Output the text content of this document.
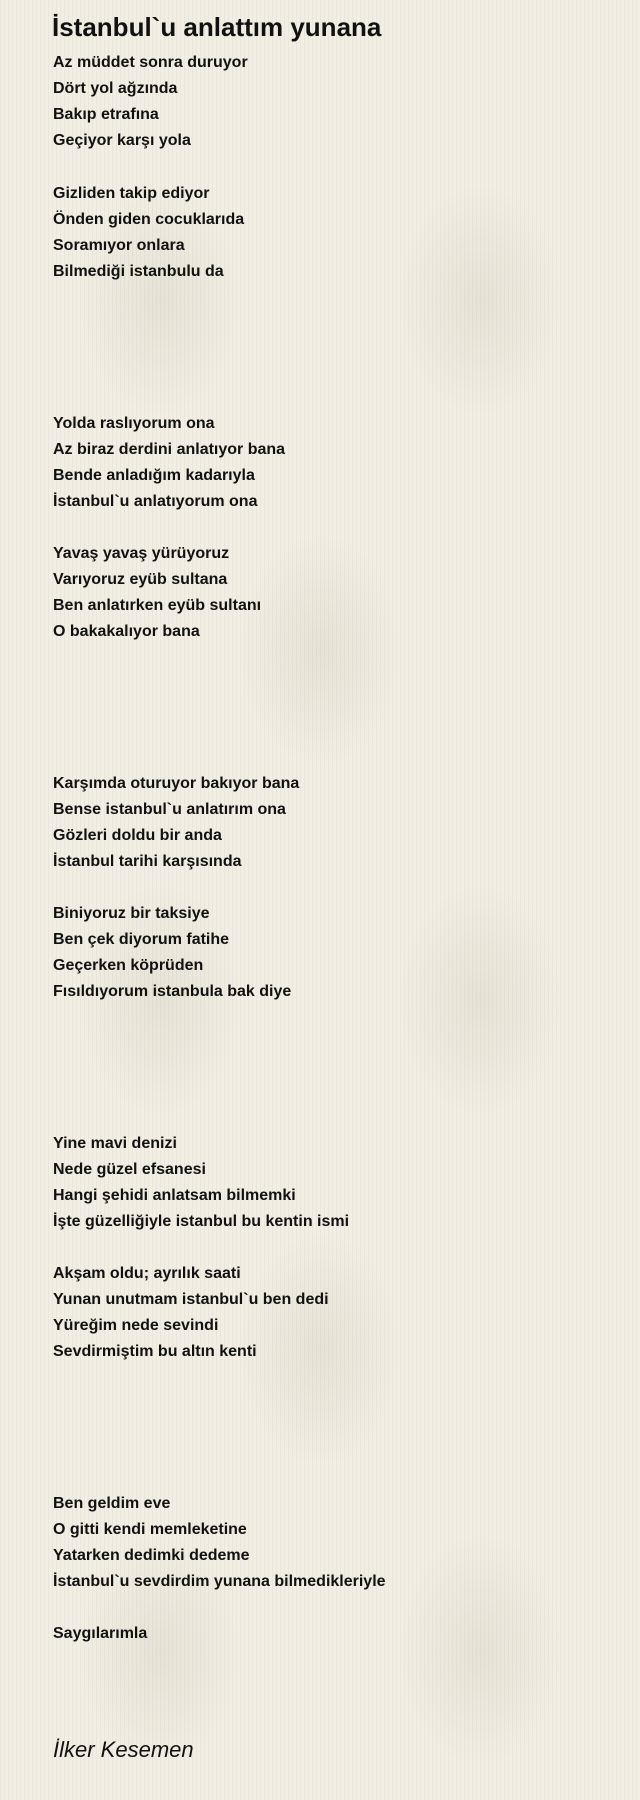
İstanbul`u anlattım yunana
Az müddet sonra duruyor
Dört yol ağzında
Bakıp etrafına
Geçiyor karşı yola
Gizliden takip ediyor
Önden giden cocuklarıda
Soramıyor onlara
Bilmediği istanbulu da
Yolda raslıyorum ona
Az biraz derdini anlatıyor bana
Bende anladığım kadarıyla
İstanbul`u anlatıyorum ona
Yavaş yavaş yürüyoruz
Varıyoruz eyüb sultana
Ben anlatırken eyüb sultanı
O bakakalıyor bana
Karşımda oturuyor bakıyor bana
Bense istanbul`u anlatırım ona
Gözleri doldu bir anda
İstanbul tarihi karşısında
Biniyoruz bir taksiye
Ben çek diyorum fatihe
Geçerken köprüden
Fısıldıyorum istanbula bak diye
Yine mavi denizi
Nede güzel efsanesi
Hangi şehidi anlatsam bilmemki
İşte güzelliğiyle istanbul bu kentin ismi
Akşam oldu; ayrılık saati
Yunan unutmam istanbul`u ben dedi
Yüreğim nede sevindi
Sevdirmiştim bu altın kenti
Ben geldim eve
O gitti kendi memleketine
Yatarken dedimki dedeme
İstanbul`u sevdirdim yunana bilmedikleriyle
Saygılarımla
İlker Kesemen
